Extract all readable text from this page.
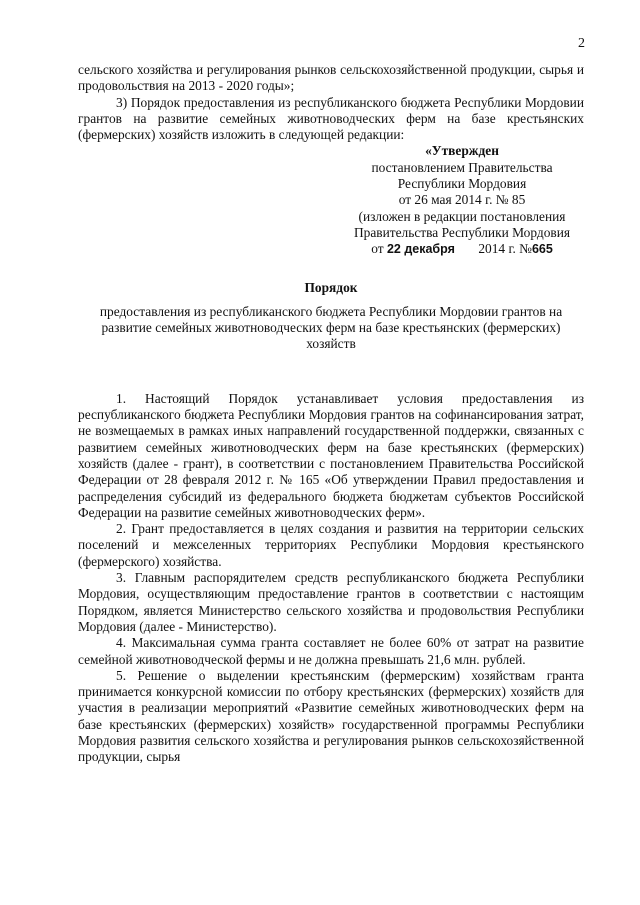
2

сельского хозяйства и регулирования рынков сельскохозяйственной продукции, сырья и продовольствия на 2013 - 2020 годы»;

3) Порядок предоставления из республиканского бюджета Республики Мордовии грантов на развитие семейных животноводческих ферм на базе крестьянских (фермерских) хозяйств изложить в следующей редакции:

«Утвержден
постановлением Правительства
Республики Мордовия
от 26 мая 2014 г. № 85
(изложен в редакции постановления
Правительства Республики Мордовия
от 22 декабря 2014 г. №665
Порядок
предоставления из республиканского бюджета Республики Мордовии грантов на развитие семейных животноводческих ферм на базе крестьянских (фермерских) хозяйств

1. Настоящий Порядок устанавливает условия предоставления из республиканского бюджета Республики Мордовия грантов на софинансирования затрат, не возмещаемых в рамках иных направлений государственной поддержки, связанных с развитием семейных животноводческих ферм на базе крестьянских (фермерских) хозяйств (далее - грант), в соответствии с постановлением Правительства Российской Федерации от 28 февраля 2012 г. № 165 «Об утверждении Правил предоставления и распределения субсидий из федерального бюджета бюджетам субъектов Российской Федерации на развитие семейных животноводческих ферм».

2. Грант предоставляется в целях создания и развития на территории сельских поселений и межселенных территориях Республики Мордовия крестьянского (фермерского) хозяйства.

3. Главным распорядителем средств республиканского бюджета Республики Мордовия, осуществляющим предоставление грантов в соответствии с настоящим Порядком, является Министерство сельского хозяйства и продовольствия Республики Мордовия (далее - Министерство).

4. Максимальная сумма гранта составляет не более 60% от затрат на развитие семейной животноводческой фермы и не должна превышать 21,6 млн. рублей.

5. Решение о выделении крестьянским (фермерским) хозяйствам гранта принимается конкурсной комиссии по отбору крестьянских (фермерских) хозяйств для участия в реализации мероприятий «Развитие семейных животноводческих ферм на базе крестьянских (фермерских) хозяйств» государственной программы Республики Мордовия развития сельского хозяйства и регулирования рынков сельскохозяйственной продукции, сырья
